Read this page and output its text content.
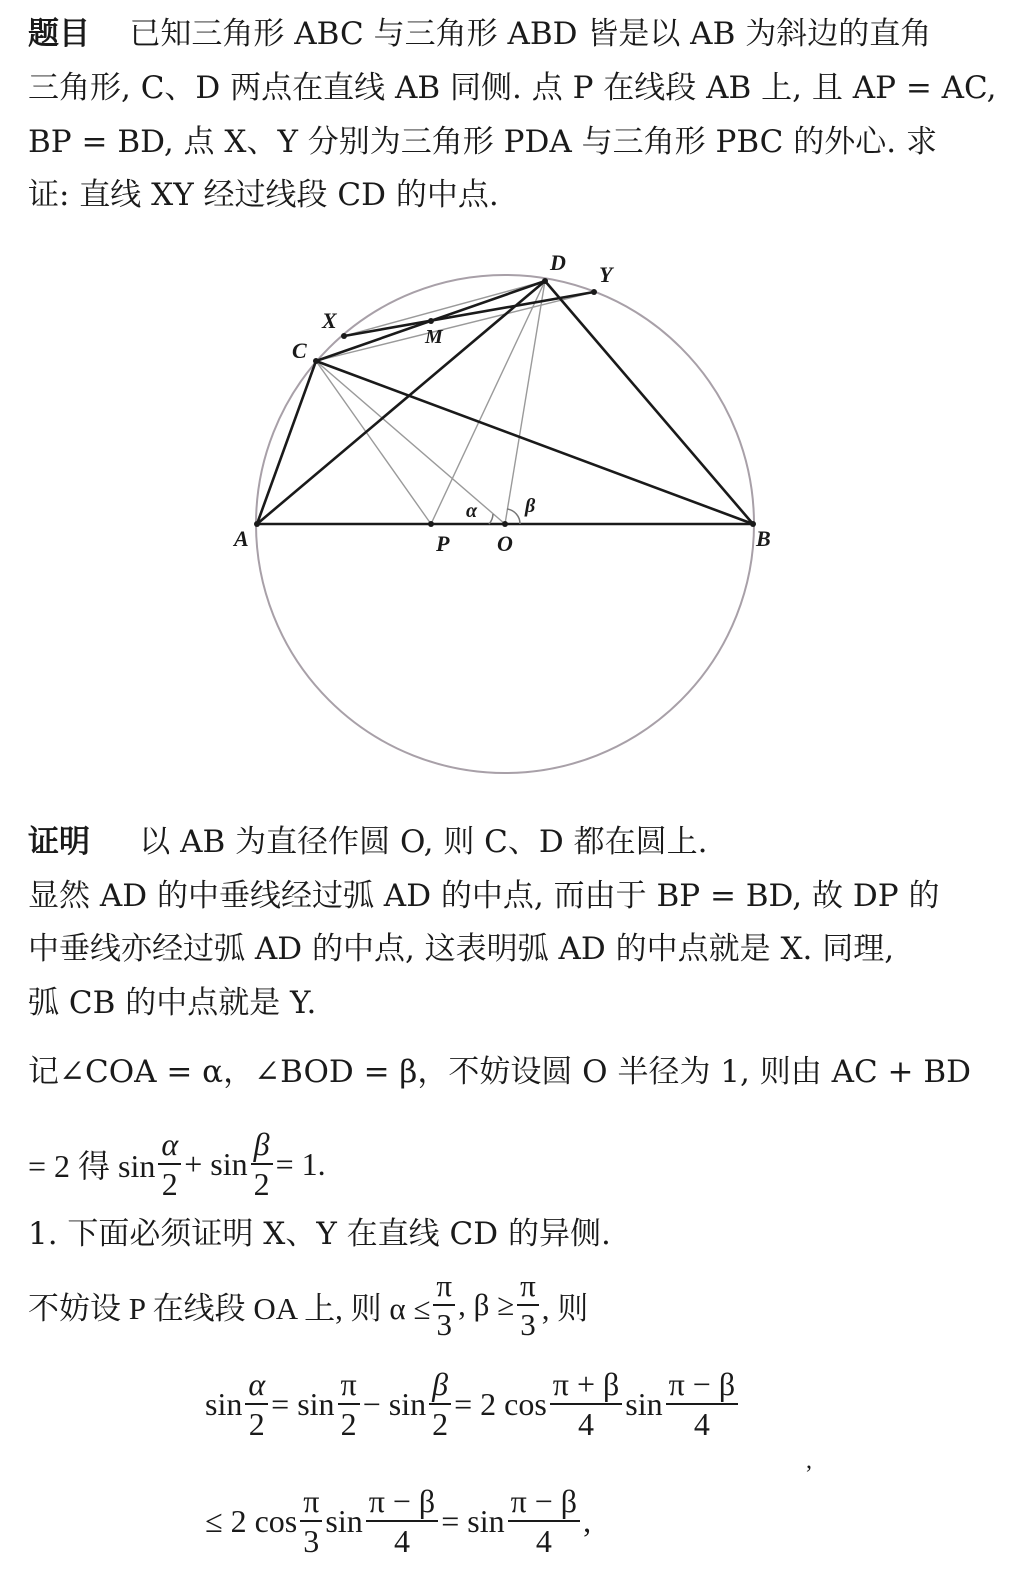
题目 已知三角形 ABC 与三角形 ABD 皆是以 AB 为斜边的直角
三角形, C、D 两点在直线 AB 同侧. 点 P 在线段 AB 上, 且 AP = AC,
BP = BD, 点 X、Y 分别为三角形 PDA 与三角形 PBC 的外心. 求
证: 直线 XY 经过线段 CD 的中点.
A	B
C
D
X
Y
M
P O
α β
证明 以 AB 为直径作圆 O, 则 C、D 都在圆上.
显然 AD 的中垂线经过弧 AD 的中点, 而由于 BP = BD, 故 DP 的
中垂线亦经过弧 AD 的中点, 这表明弧 AD 的中点就是 X. 同理,
弧 CB 的中点就是 Y.
记∠COA = α，∠BOD = β，不妨设圆 O 半径为 1, 则由 AC + BD
= 2 得 $\sin \frac{\alpha}{2} + \sin \frac{\beta}{2} = 1$.
1. 下面必须证明 X、Y 在直线 CD 的异侧.
不妨设 P 在线段 OA 上, 则 $\alpha \le \frac{\pi}{3}$ , $\beta \ge \frac{\pi}{3}$ , 则
$\sin \frac{\alpha}{2}$ =
$\sin \frac{\pi}{2}$ −
$\sin \frac{\beta}{2}$ =
2 $\cos \frac{\pi + \beta}{4}$ $\sin \frac{\pi - \beta}{4}$
,
≤ 2 $\cos \frac{\pi}{3}$ $\sin \frac{\pi - \beta}{4}$ =
$\sin \frac{\pi - \beta}{4}$ ,
